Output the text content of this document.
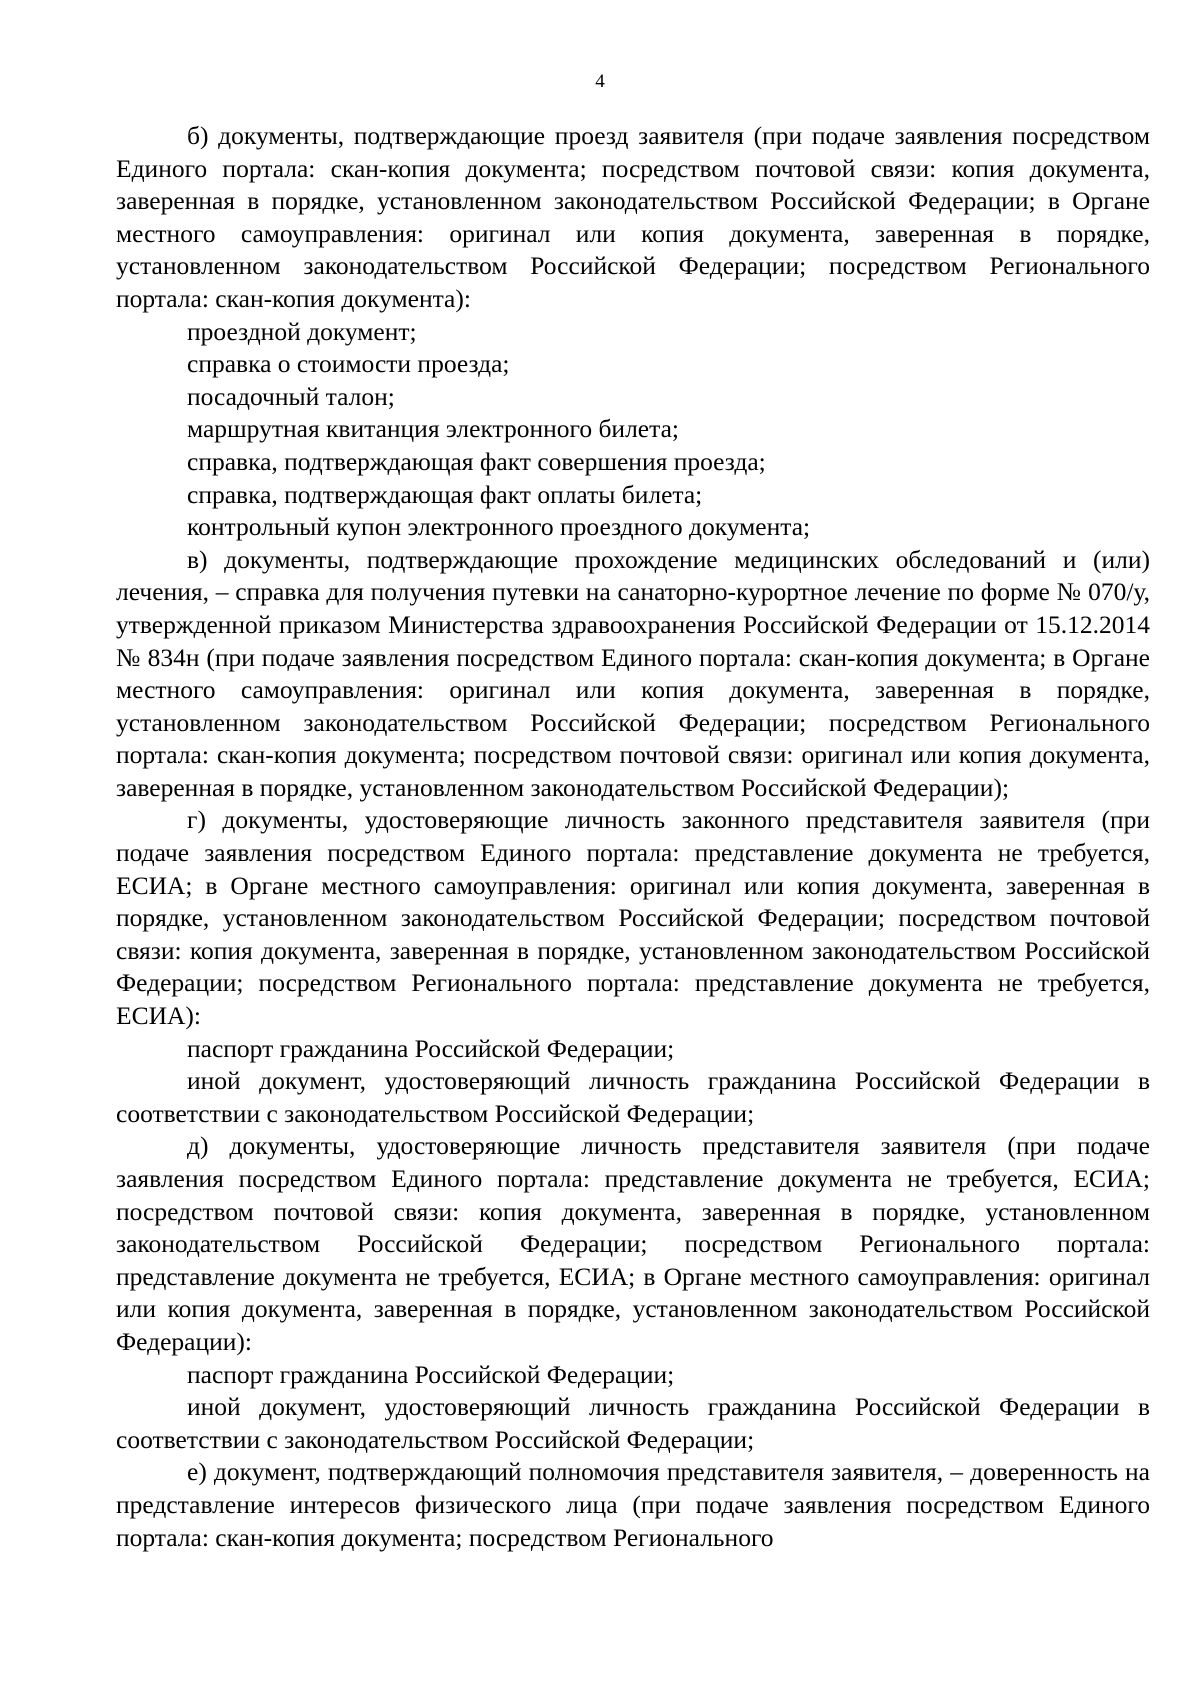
4

б) документы, подтверждающие проезд заявителя (при подаче заявления посредством Единого портала: скан-копия документа; посредством почтовой связи: копия документа, заверенная в порядке, установленном законодательством Российской Федерации; в Органе местного самоуправления: оригинал или копия документа, заверенная в порядке, установленном законодательством Российской Федерации; посредством Регионального портала: скан-копия документа):

проездной документ;

справка о стоимости проезда;

посадочный талон;

маршрутная квитанция электронного билета;

справка, подтверждающая факт совершения проезда;

справка, подтверждающая факт оплаты билета;

контрольный купон электронного проездного документа;

в) документы, подтверждающие прохождение медицинских обследований и (или) лечения, – справка для получения путевки на санаторно-курортное лечение по форме № 070/у, утвержденной приказом Министерства здравоохранения Российской Федерации от 15.12.2014 № 834н (при подаче заявления посредством Единого портала: скан-копия документа; в Органе местного самоуправления: оригинал или копия документа, заверенная в порядке, установленном законодательством Российской Федерации; посредством Регионального портала: скан-копия документа; посредством почтовой связи: оригинал или копия документа, заверенная в порядке, установленном законодательством Российской Федерации);

г) документы, удостоверяющие личность законного представителя заявителя (при подаче заявления посредством Единого портала: представление документа не требуется, ЕСИА; в Органе местного самоуправления: оригинал или копия документа, заверенная в порядке, установленном законодательством Российской Федерации; посредством почтовой связи: копия документа, заверенная в порядке, установленном законодательством Российской Федерации; посредством Регионального портала: представление документа не требуется, ЕСИА):

паспорт гражданина Российской Федерации;

иной документ, удостоверяющий личность гражданина Российской Федерации в соответствии с законодательством Российской Федерации;

д) документы, удостоверяющие личность представителя заявителя (при подаче заявления посредством Единого портала: представление документа не требуется, ЕСИА; посредством почтовой связи: копия документа, заверенная в порядке, установленном законодательством Российской Федерации; посредством Регионального портала: представление документа не требуется, ЕСИА; в Органе местного самоуправления: оригинал или копия документа, заверенная в порядке, установленном законодательством Российской Федерации):

паспорт гражданина Российской Федерации;

иной документ, удостоверяющий личность гражданина Российской Федерации в соответствии с законодательством Российской Федерации;

е) документ, подтверждающий полномочия представителя заявителя, – доверенность на представление интересов физического лица (при подаче заявления посредством Единого портала: скан-копия документа; посредством Регионального
